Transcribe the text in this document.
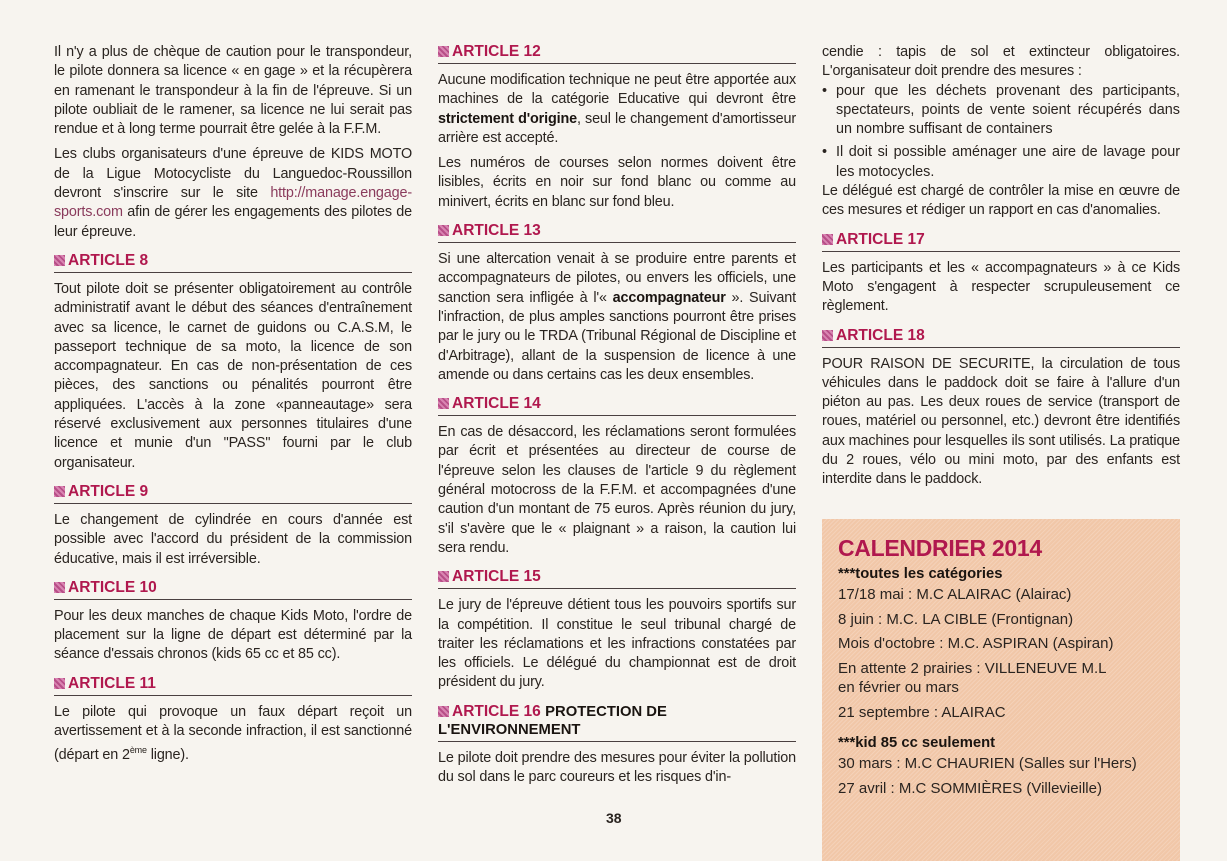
Il n'y a plus de chèque de caution pour le transpondeur, le pilote donnera sa licence « en gage » et la récupèrera en ramenant le transpondeur à la fin de l'épreuve. Si un pilote oubliait de le ramener, sa licence ne lui serait pas rendue et à long terme pourrait être gelée à la F.F.M.

Les clubs organisateurs d'une épreuve de KIDS MOTO de la Ligue Motocycliste du Languedoc-Roussillon devront s'inscrire sur le site http://manage.engage-sports.com afin de gérer les engagements des pilotes de leur épreuve.

ARTICLE 8

Tout pilote doit se présenter obligatoirement au contrôle administratif avant le début des séances d'entraînement avec sa licence, le carnet de guidons ou C.A.S.M, le passeport technique de sa moto, la licence de son accompagnateur. En cas de non-présentation de ces pièces, des sanctions ou pénalités pourront être appliquées. L'accès à la zone «panneautage» sera réservé exclusivement aux personnes titulaires d'une licence et munie d'un "PASS" fourni par le club organisateur.

ARTICLE 9

Le changement de cylindrée en cours d'année est possible avec l'accord du président de la commission éducative, mais il est irréversible.

ARTICLE 10

Pour les deux manches de chaque Kids Moto, l'ordre de placement sur la ligne de départ est déterminé par la séance d'essais chronos (kids 65 cc et 85 cc).

ARTICLE 11

Le pilote qui provoque un faux départ reçoit un avertissement et à la seconde infraction, il est sanctionné (départ en 2ème ligne).

ARTICLE 12

Aucune modification technique ne peut être apportée aux machines de la catégorie Educative qui devront être strictement d'origine, seul le changement d'amortisseur arrière est accepté.

Les numéros de courses selon normes doivent être lisibles, écrits en noir sur fond blanc ou comme au minivert, écrits en blanc sur fond bleu.

ARTICLE 13

Si une altercation venait à se produire entre parents et accompagnateurs de pilotes, ou envers les officiels, une sanction sera infligée à l'« accompagnateur ». Suivant l'infraction, de plus amples sanctions pourront être prises par le jury ou le TRDA (Tribunal Régional de Discipline et d'Arbitrage), allant de la suspension de licence à une amende ou dans certains cas les deux ensembles.

ARTICLE 14

En cas de désaccord, les réclamations seront formulées par écrit et présentées au directeur de course de l'épreuve selon les clauses de l'article 9 du règlement général motocross de la F.F.M. et accompagnées d'une caution d'un montant de 75 euros. Après réunion du jury, s'il s'avère que le « plaignant » a raison, la caution lui sera rendu.

ARTICLE 15

Le jury de l'épreuve détient tous les pouvoirs sportifs sur la compétition. Il constitue le seul tribunal chargé de traiter les réclamations et les infractions constatées par les officiels. Le délégué du championnat est de droit président du jury.

ARTICLE 16 PROTECTION DE L'ENVIRONNEMENT

Le pilote doit prendre des mesures pour éviter la pollution du sol dans le parc coureurs et les risques d'in-

38

cendie : tapis de sol et extincteur obligatoires. L'organisateur doit prendre des mesures :

• pour que les déchets provenant des participants, spectateurs, points de vente soient récupérés dans un nombre suffisant de containers
• Il doit si possible aménager une aire de lavage pour les motocycles.

Le délégué est chargé de contrôler la mise en œuvre de ces mesures et rédiger un rapport en cas d'anomalies.

ARTICLE 17

Les participants et les « accompagnateurs » à ce Kids Moto s'engagent à respecter scrupuleusement ce règlement.

ARTICLE 18

POUR RAISON DE SECURITE, la circulation de tous véhicules dans le paddock doit se faire à l'allure d'un piéton au pas. Les deux roues de service (transport de roues, matériel ou personnel, etc.) devront être identifiés aux machines pour lesquelles ils sont utilisés. La pratique du 2 roues, vélo ou mini moto, par des enfants est interdite dans le paddock.

CALENDRIER 2014
***toutes les catégories
17/18 mai : M.C ALAIRAC (Alairac)
8 juin : M.C. LA CIBLE (Frontignan)
Mois d'octobre : M.C. ASPIRAN (Aspiran)
En attente 2 prairies : VILLENEUVE M.L
en février ou mars
21 septembre : ALAIRAC
***kid 85 cc seulement
30 mars : M.C CHAURIEN (Salles sur l'Hers)
27 avril : M.C SOMMIÈRES (Villevieille)
